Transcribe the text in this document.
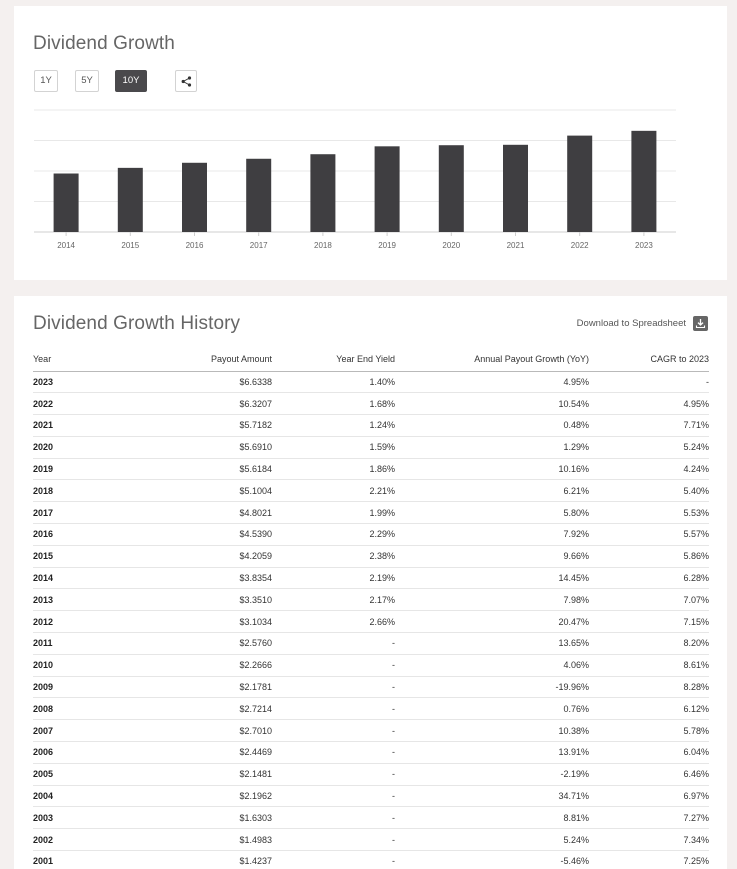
Dividend Growth
1Y	5Y	10Y
2014	2015	2016	2017	2018	2019	2020	2021	2022	2023
Dividend Growth History	Download to Spreadsheet
Year	Payout Amount	Year End Yield	Annual Payout Growth (YoY)	CAGR to 2023
2023	$6.6338	1.40%	4.95%	-
2022	$6.3207	1.68%	10.54%	4.95%
2021	$5.7182	1.24%	0.48%	7.71%
2020	$5.6910	1.59%	1.29%	5.24%
2019	$5.6184	1.86%	10.16%	4.24%
2018	$5.1004	2.21%	6.21%	5.40%
2017	$4.8021	1.99%	5.80%	5.53%
2016	$4.5390	2.29%	7.92%	5.57%
2015	$4.2059	2.38%	9.66%	5.86%
2014	$3.8354	2.19%	14.45%	6.28%
2013	$3.3510	2.17%	7.98%	7.07%
2012	$3.1034	2.66%	20.47%	7.15%
2011	$2.5760	-	13.65%	8.20%
2010	$2.2666	-	4.06%	8.61%
2009	$2.1781	-	-19.96%	8.28%
2008	$2.7214	-	0.76%	6.12%
2007	$2.7010	-	10.38%	5.78%
2006	$2.4469	-	13.91%	6.04%
2005	$2.1481	-	-2.19%	6.46%
2004	$2.1962	-	34.71%	6.97%
2003	$1.6303	-	8.81%	7.27%
2002	$1.4983	-	5.24%	7.34%
2001	$1.4237	-	-5.46%	7.25%
